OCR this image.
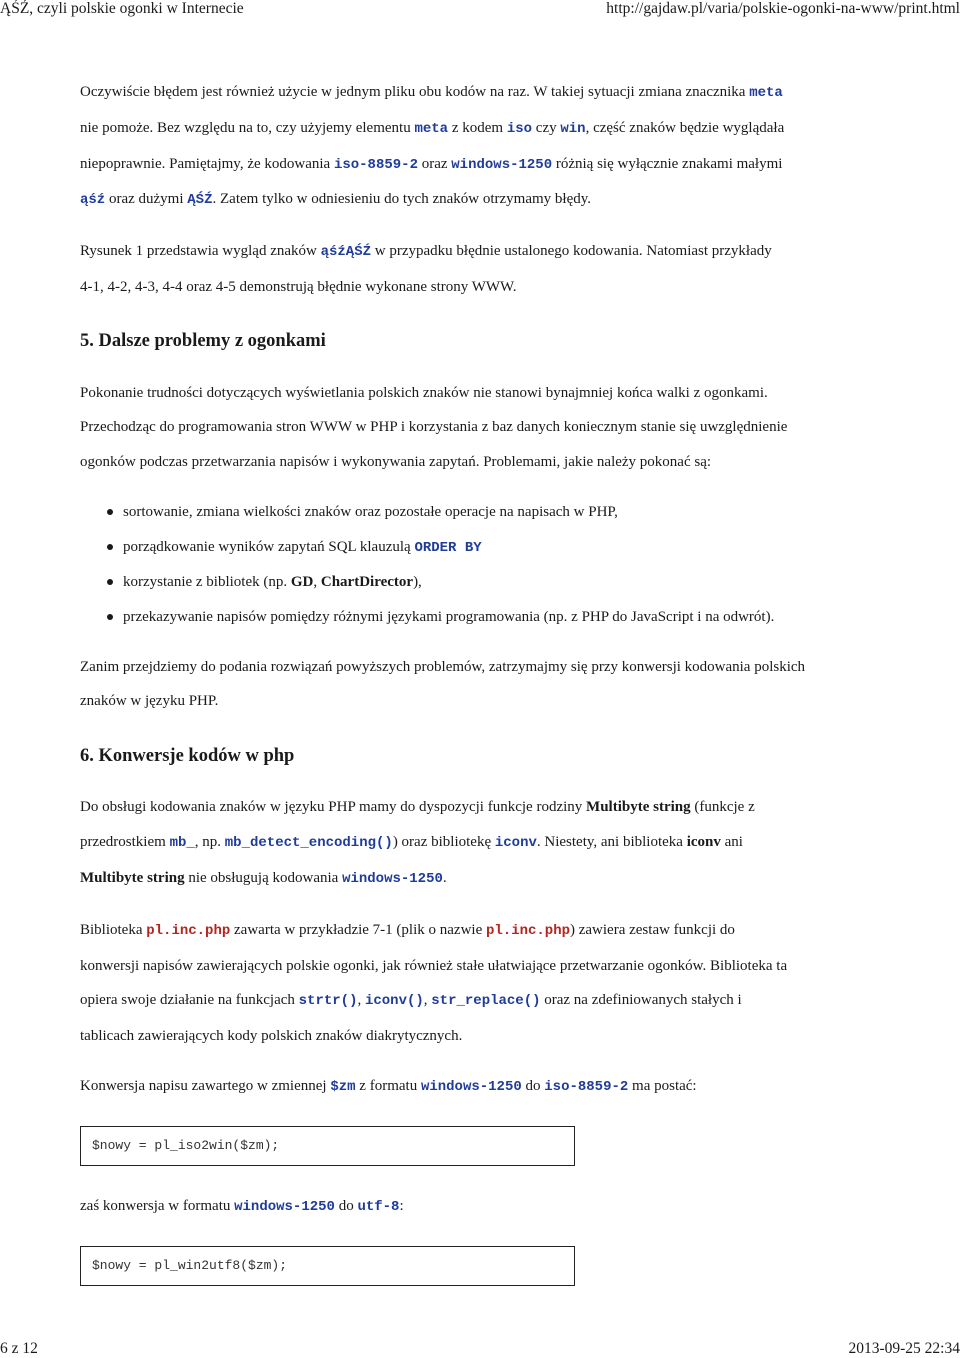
ĄŚŹ, czyli polskie ogonki w Internecie	http://gajdaw.pl/varia/polskie-ogonki-na-www/print.html
Oczywiście błędem jest również użycie w jednym pliku obu kodów na raz. W takiej sytuacji zmiana znacznika meta
nie pomoże. Bez względu na to, czy użyjemy elementu meta z kodem iso czy win, część znaków będzie wyglądała
niepoprawnie. Pamiętajmy, że kodowania iso-8859-2 oraz windows-1250 różnią się wyłącznie znakami małymi
ąśź oraz dużymi ĄŚŹ. Zatem tylko w odniesieniu do tych znaków otrzymamy błędy.
Rysunek 1 przedstawia wygląd znaków ąśźĄŚŹ w przypadku błędnie ustalonego kodowania. Natomiast przykłady
4-1, 4-2, 4-3, 4-4 oraz 4-5 demonstrują błędnie wykonane strony WWW.
5. Dalsze problemy z ogonkami
Pokonanie trudności dotyczących wyświetlania polskich znaków nie stanowi bynajmniej końca walki z ogonkami.
Przechodząc do programowania stron WWW w PHP i korzystania z baz danych koniecznym stanie się uwzględnienie
ogonków podczas przetwarzania napisów i wykonywania zapytań. Problemami, jakie należy pokonać są:
sortowanie, zmiana wielkości znaków oraz pozostałe operacje na napisach w PHP,
porządkowanie wyników zapytań SQL klauzulą ORDER BY
korzystanie z bibliotek (np. GD, ChartDirector),
przekazywanie napisów pomiędzy różnymi językami programowania (np. z PHP do JavaScript i na odwrót).
Zanim przejdziemy do podania rozwiązań powyższych problemów, zatrzymajmy się przy konwersji kodowania polskich
znaków w języku PHP.
6. Konwersje kodów w php
Do obsługi kodowania znaków w języku PHP mamy do dyspozycji funkcje rodziny Multibyte string (funkcje z
przedrostkiem mb_, np. mb_detect_encoding()) oraz bibliotekę iconv. Niestety, ani biblioteka iconv ani
Multibyte string nie obsługują kodowania windows-1250.
Biblioteka pl.inc.php zawarta w przykładzie 7-1 (plik o nazwie pl.inc.php) zawiera zestaw funkcji do
konwersji napisów zawierających polskie ogonki, jak również stałe ułatwiające przetwarzanie ogonków. Biblioteka ta
opiera swoje działanie na funkcjach strtr(), iconv(), str_replace() oraz na zdefiniowanych stałych i
tablicach zawierających kody polskich znaków diakrytycznych.
Konwersja napisu zawartego w zmiennej $zm z formatu windows-1250 do iso-8859-2 ma postać:
$nowy = pl_iso2win($zm);
zaś konwersja w formatu windows-1250 do utf-8:
$nowy = pl_win2utf8($zm);
6 z 12	2013-09-25 22:34
